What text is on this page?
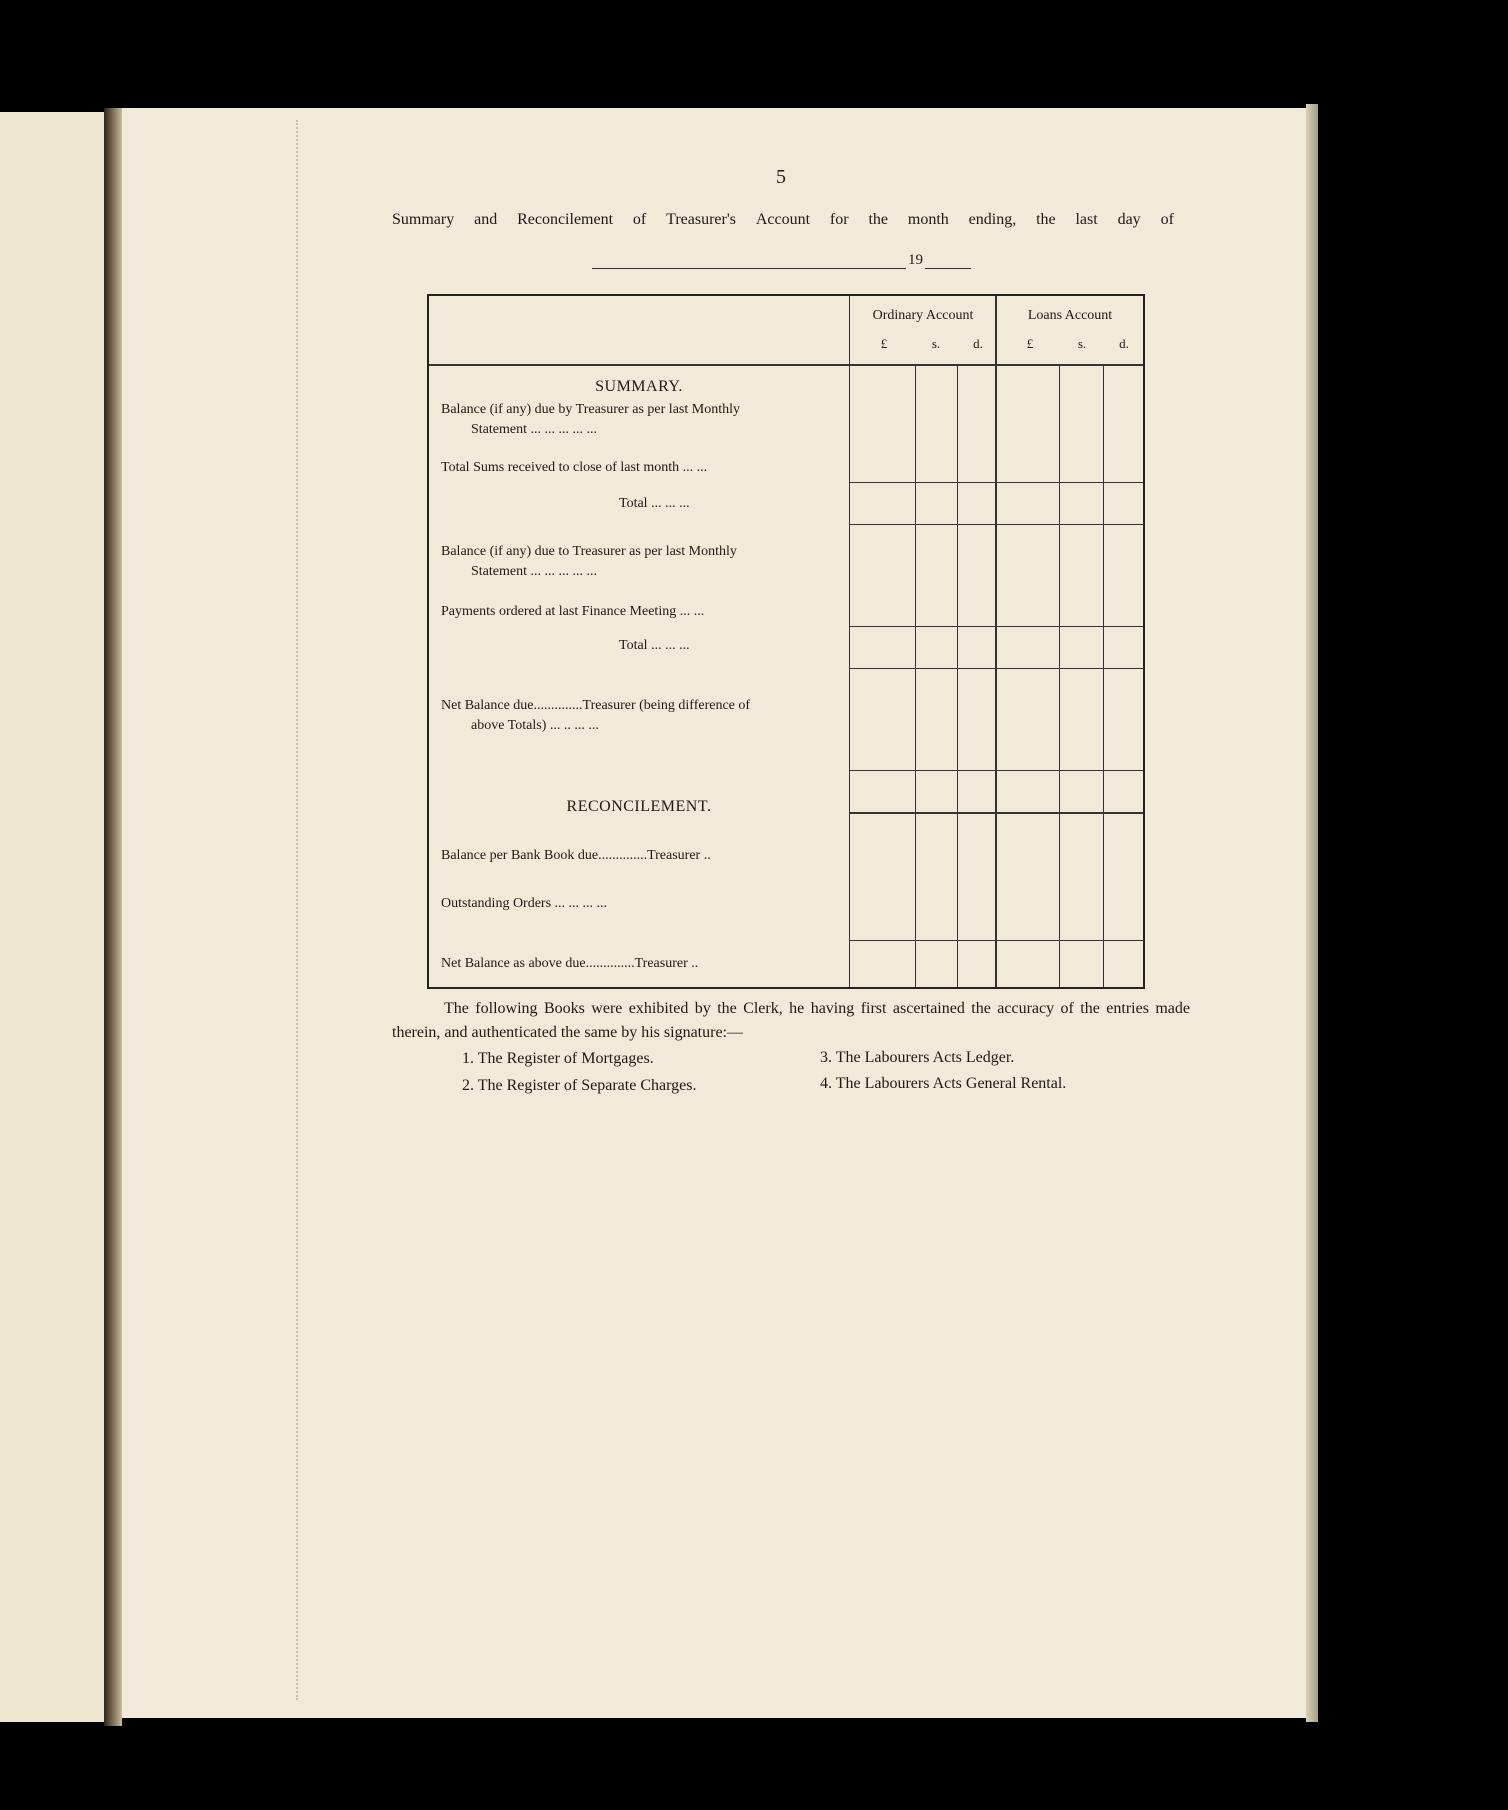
5
Summary and Reconcilement of Treasurer's Account for the month ending, the last day of
19
Ordinary Account	Loans Account
£	s.	d.	£	s.	d.
SUMMARY.
Balance (if any) due by Treasurer as per last Monthly
Statement ... ... ... ... ...
Total Sums received to close of last month ... ...
Total ... ... ...
Balance (if any) due to Treasurer as per last Monthly
Statement ... ... ... ... ...
Payments ordered at last Finance Meeting ... ...
Total ... ... ...
Net Balance due..............Treasurer (being difference of
above Totals) ... .. ... ...
RECONCILEMENT.
Balance per Bank Book due..............Treasurer ..
Outstanding Orders ... ... ... ...
Net Balance as above due..............Treasurer ..
The following Books were exhibited by the Clerk, he having first ascertained the accuracy of the entries made therein, and authenticated the same by his signature:—
1. The Register of Mortgages.
2. The Register of Separate Charges.
3. The Labourers Acts Ledger.
4. The Labourers Acts General Rental.
